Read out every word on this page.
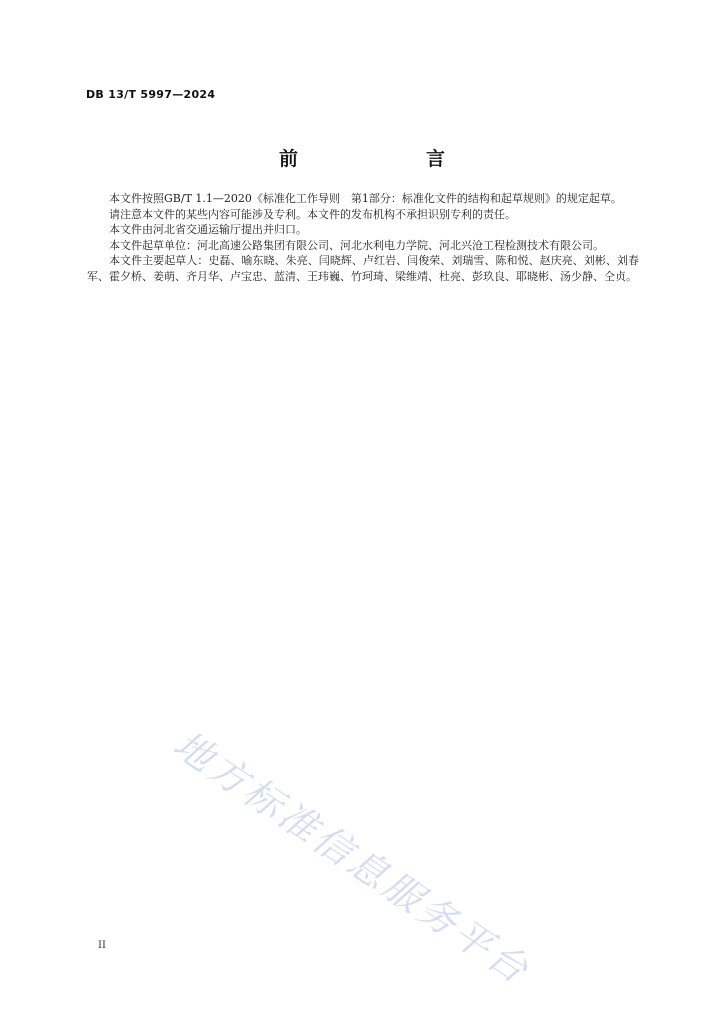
DB 13/T 5997—2024
前　　言

本文件按照GB/T 1.1—2020《标准化工作导则　第1部分：标准化文件的结构和起草规则》的规定起草。

请注意本文件的某些内容可能涉及专利。本文件的发布机构不承担识别专利的责任。

本文件由河北省交通运输厅提出并归口。

本文件起草单位：河北高速公路集团有限公司、河北水利电力学院、河北兴沧工程检测技术有限公司。

本文件主要起草人：史磊、喻东晓、朱亮、闫晓辉、卢红岩、闫俊荣、刘瑞雪、陈和悦、赵庆亮、刘彬、刘春军、霍夕桥、姜萌、齐月华、卢宝忠、蓝清、王玮巍、竹珂琦、梁维靖、杜亮、彭玖良、耶晓彬、汤少静、仝贞。

地方标准信息服务平台
II
